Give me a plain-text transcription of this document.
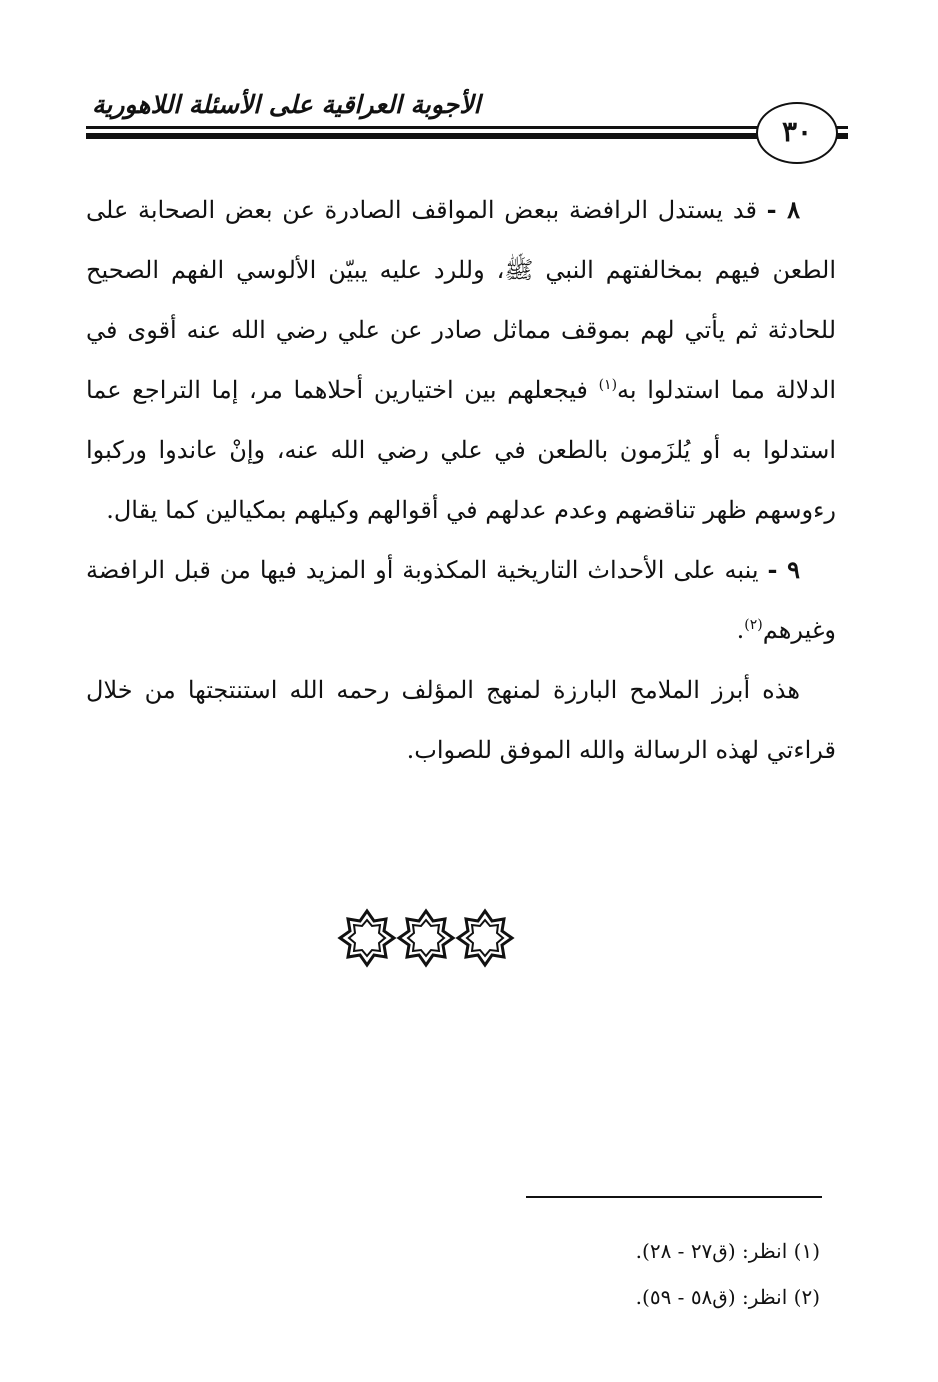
الأجوبة العراقية على الأسئلة اللاهورية
٣٠

٨ - قد يستدل الرافضة ببعض المواقف الصادرة عن بعض الصحابة على الطعن فيهم بمخالفتهم النبي ﷺ، وللرد عليه يبيّن الألوسي الفهم الصحيح للحادثة ثم يأتي لهم بموقف مماثل صادر عن علي رضي الله عنه أقوى في الدلالة مما استدلوا به$^{(١)}$ فيجعلهم بين اختيارين أحلاهما مر، إما التراجع عما استدلوا به أو يُلزَمون بالطعن في علي رضي الله عنه، وإنْ عاندوا وركبوا رءوسهم ظهر تناقضهم وعدم عدلهم في أقوالهم وكيلهم بمكيالين كما يقال.

٩ - ينبه على الأحداث التاريخية المكذوبة أو المزيد فيها من قبل الرافضة وغيرهم$^{(٢)}$.

هذه أبرز الملامح البارزة لمنهج المؤلف رحمه الله استنتجتها من خلال قراءتي لهذه الرسالة والله الموفق للصواب.

(١) انظر: (ق٢٧ - ٢٨).

(٢) انظر: (ق٥٨ - ٥٩).
